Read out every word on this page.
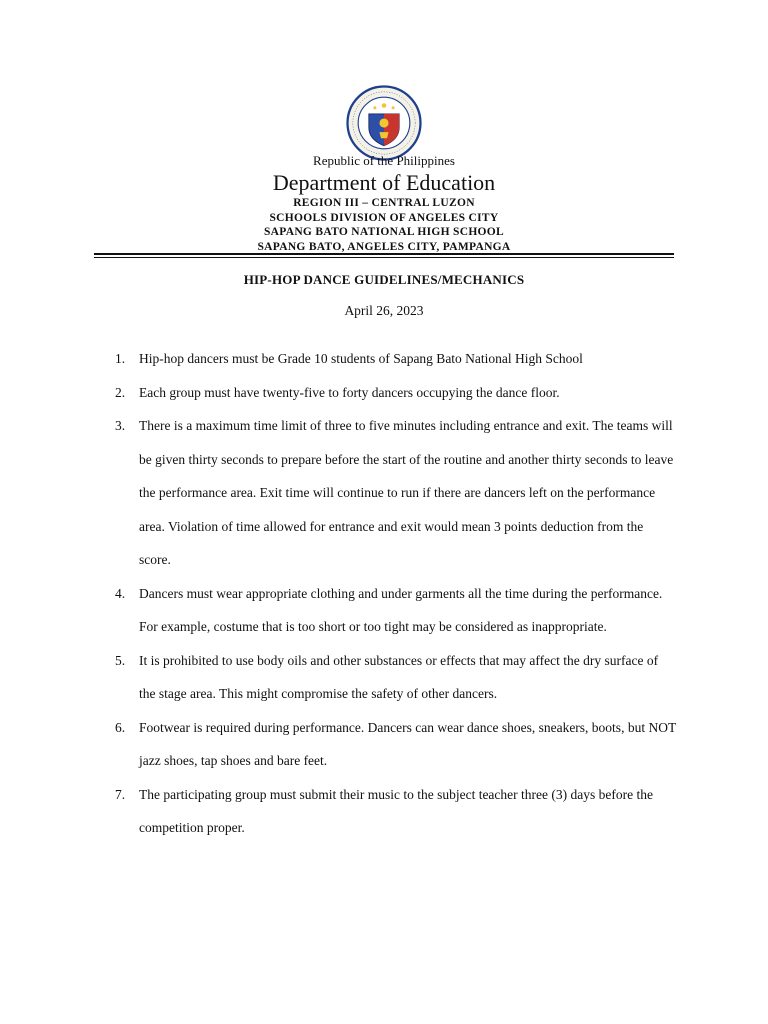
Republic of the Philippines
Department of Education
REGION III – CENTRAL LUZON
SCHOOLS DIVISION OF ANGELES CITY
SAPANG BATO NATIONAL HIGH SCHOOL
SAPANG BATO, ANGELES CITY, PAMPANGA
HIP-HOP DANCE GUIDELINES/MECHANICS
April 26, 2023
1. Hip-hop dancers must be Grade 10 students of Sapang Bato National High School
2. Each group must have twenty-five to forty dancers occupying the dance floor.
3. There is a maximum time limit of three to five minutes including entrance and exit. The teams will be given thirty seconds to prepare before the start of the routine and another thirty seconds to leave the performance area. Exit time will continue to run if there are dancers left on the performance area. Violation of time allowed for entrance and exit would mean 3 points deduction from the score.
4. Dancers must wear appropriate clothing and under garments all the time during the performance. For example, costume that is too short or too tight may be considered as inappropriate.
5. It is prohibited to use body oils and other substances or effects that may affect the dry surface of the stage area. This might compromise the safety of other dancers.
6. Footwear is required during performance. Dancers can wear dance shoes, sneakers, boots, but NOT jazz shoes, tap shoes and bare feet.
7. The participating group must submit their music to the subject teacher three (3) days before the competition proper.
